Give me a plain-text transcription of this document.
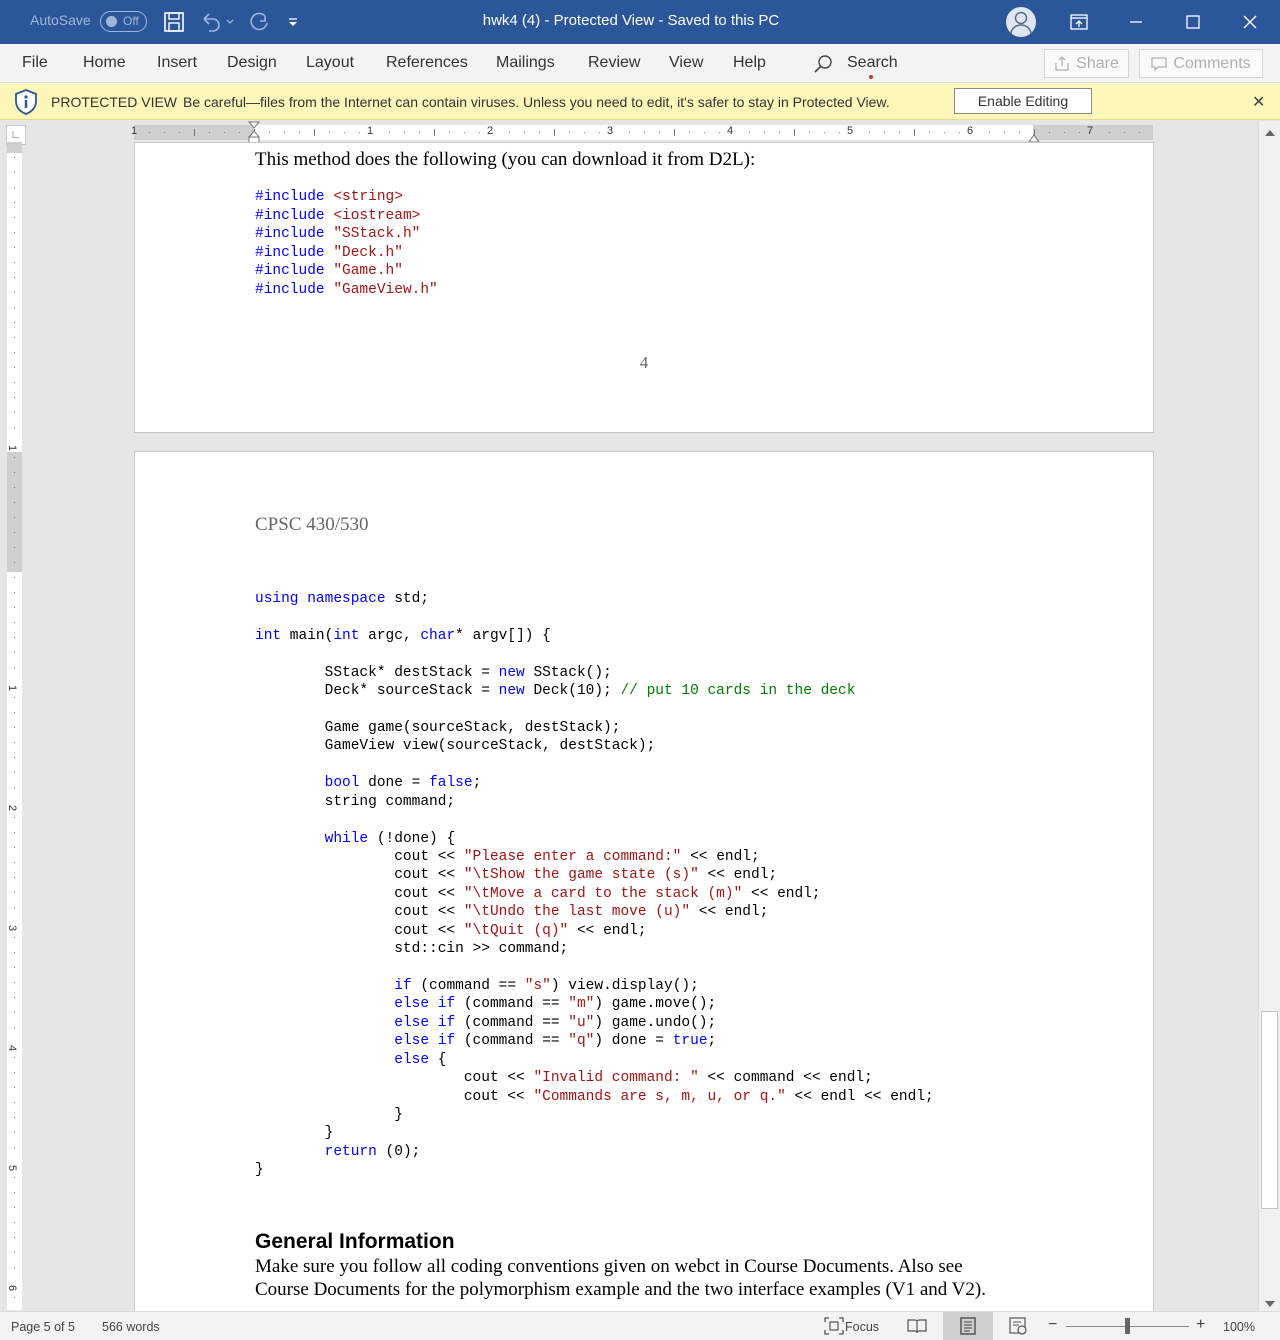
AutoSave	Off	hwk4 (4) - Protected View - Saved to this PC
File Home Insert Design Layout References Mailings Review View Help	Search	Share	Comments
PROTECTED VIEW Be careful—files from the Internet can contain viruses. Unless you need to edit, it's safer to stay in Protected View.	Enable Editing	✕
∟	1	1	2	3	4	5	6	7
1
1
2
3
4
5
6
This method does the following (you can download it from D2L):
#include <string>
#include <iostream>
#include "SStack.h"
#include "Deck.h"
#include "Game.h"
#include "GameView.h"
4
CPSC 430/530
using namespace std;
int main(int argc, char* argv[]) {
SStack* destStack = new SStack();
Deck* sourceStack = new Deck(10); // put 10 cards in the deck
Game game(sourceStack, destStack);
GameView view(sourceStack, destStack);
bool done = false;
string command;
while (!done) {
cout << "Please enter a command:" << endl;
cout << "\tShow the game state (s)" << endl;
cout << "\tMove a card to the stack (m)" << endl;
cout << "\tUndo the last move (u)" << endl;
cout << "\tQuit (q)" << endl;
std::cin >> command;
if (command == "s") view.display();
else if (command == "m") game.move();
else if (command == "u") game.undo();
else if (command == "q") done = true;
else {
cout << "Invalid command: " << command << endl;
cout << "Commands are s, m, u, or q." << endl << endl;
}
}
return (0);
}
General Information
Make sure you follow all coding conventions given on webct in Course Documents. Also see
Course Documents for the polymorphism example and the two interface examples (V1 and V2).
Page 5 of 5 566 words	Focus	−	+ 100%
